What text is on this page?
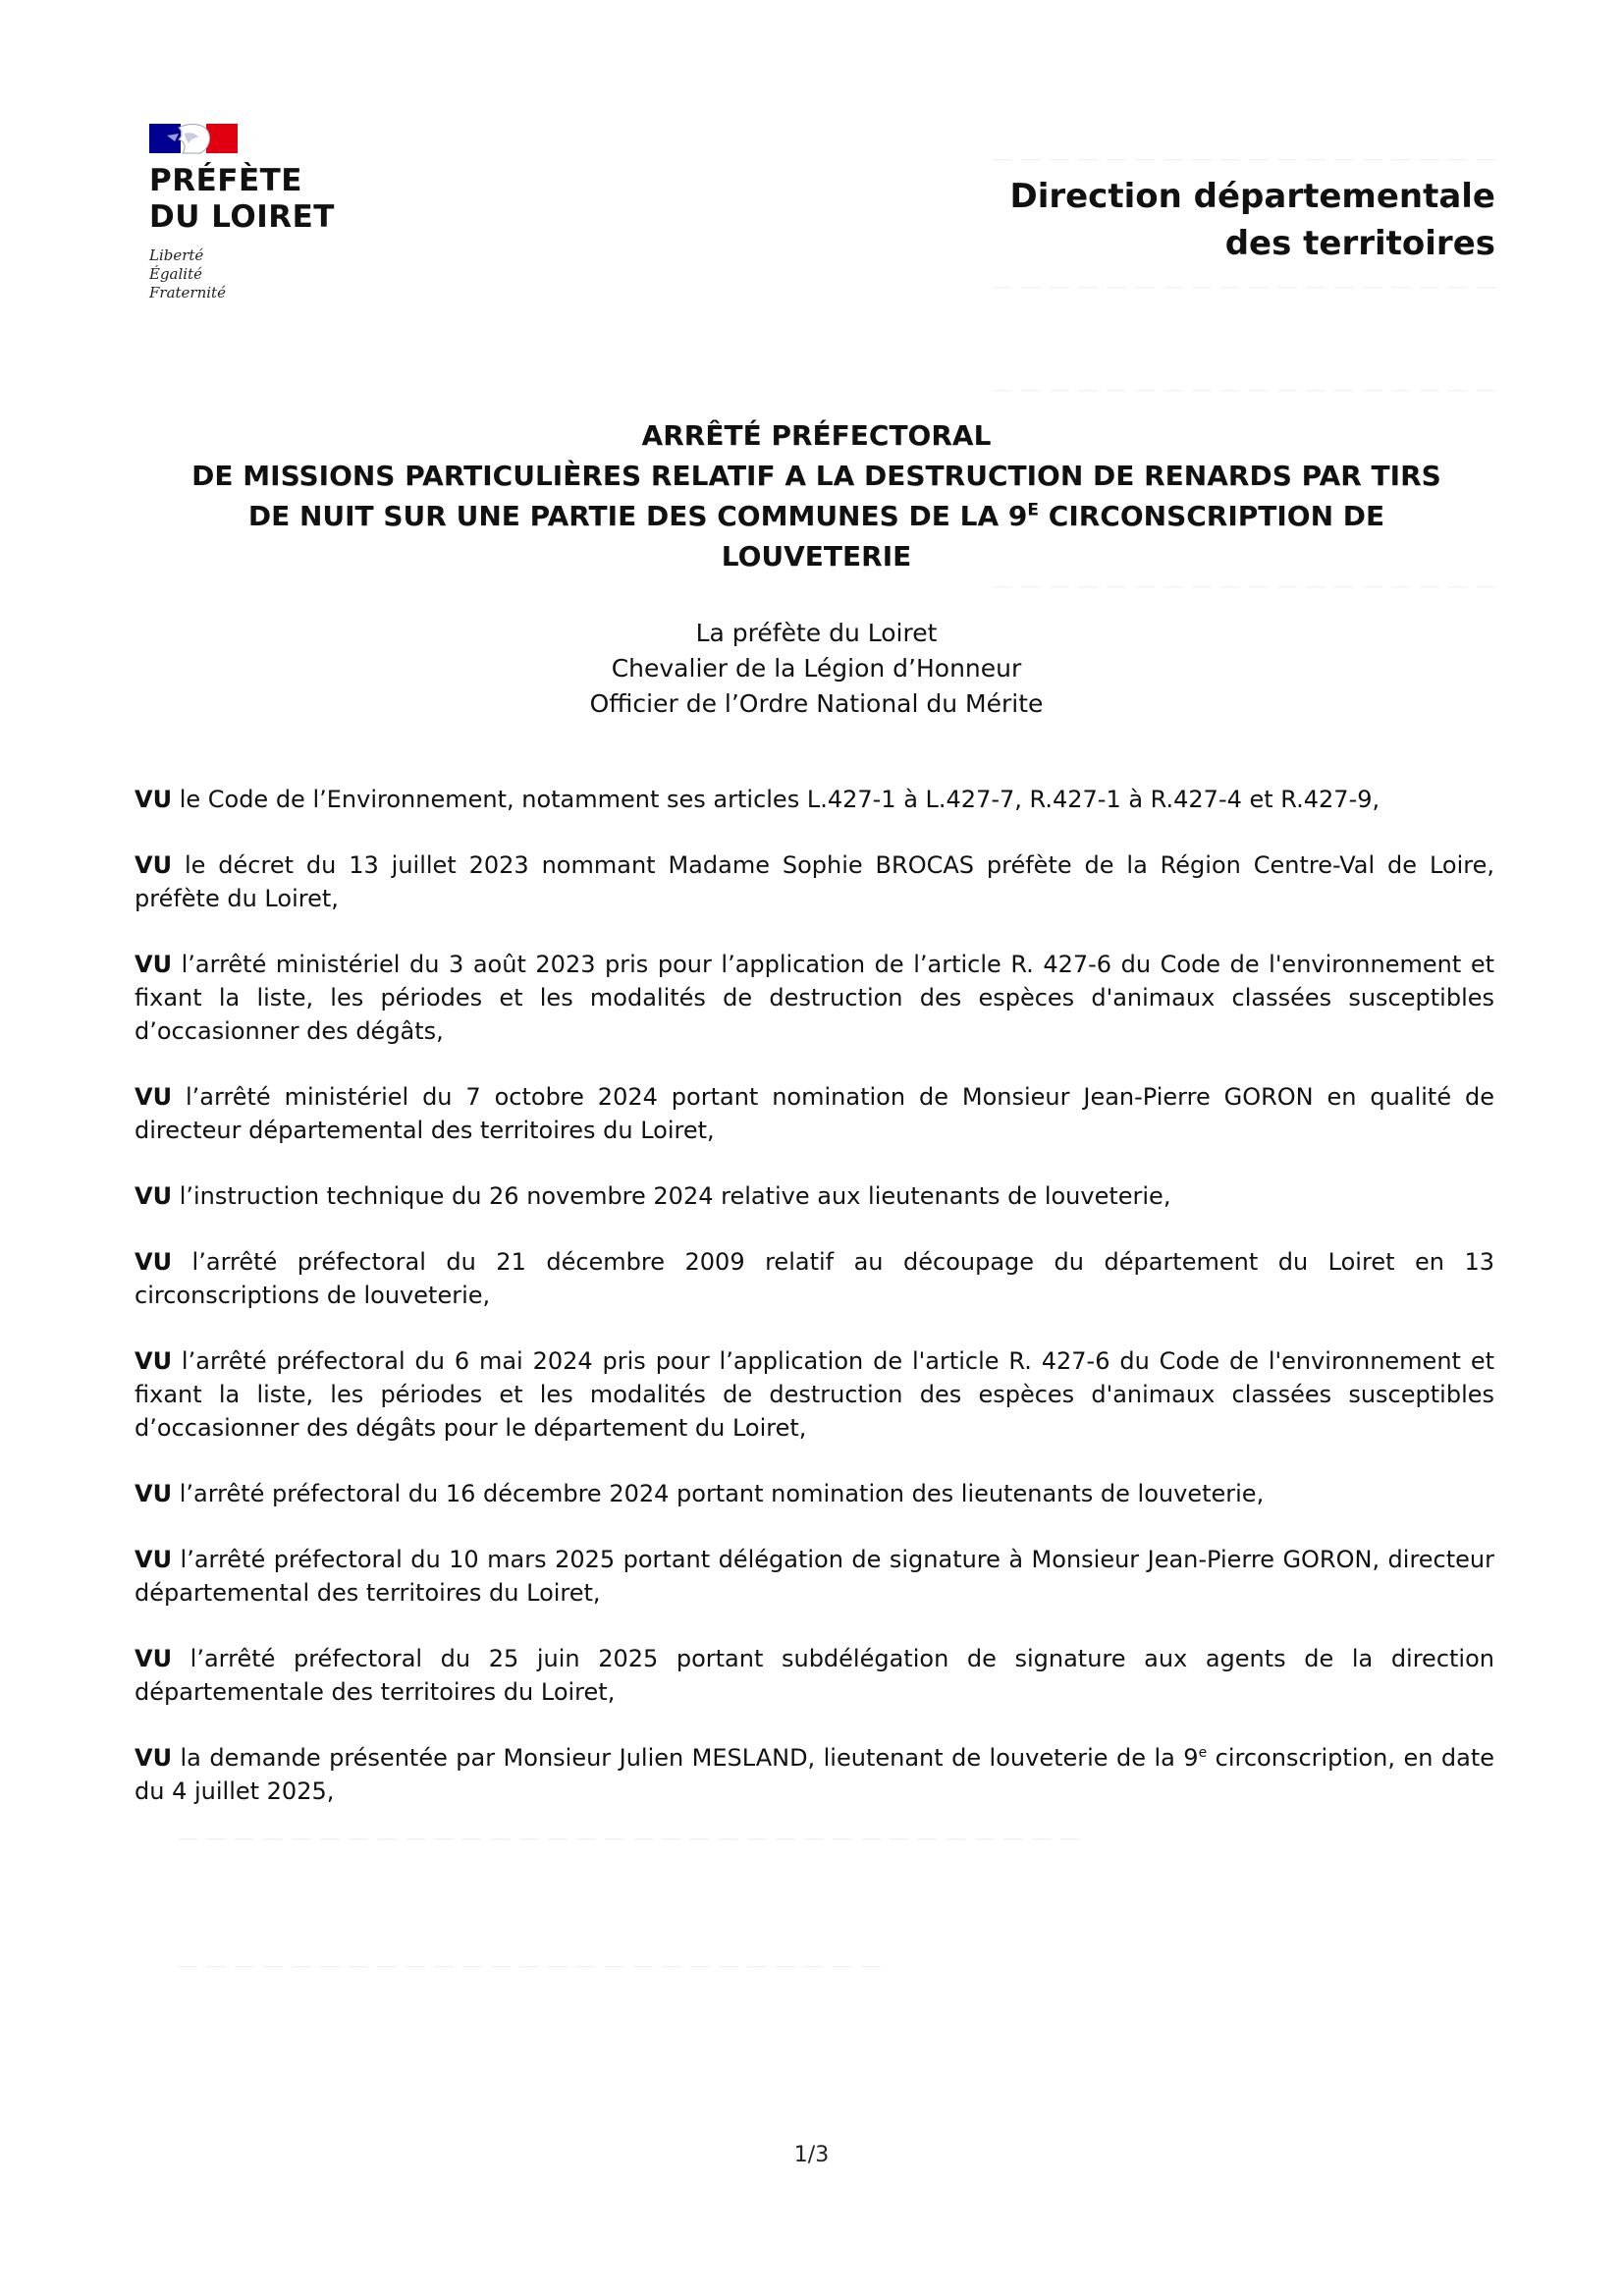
PRÉFÈTE
DU LOIRET
Liberté
Égalité
Fraternité
Direction départementale
des territoires
ARRÊTÉ PRÉFECTORAL
DE MISSIONS PARTICULIÈRES RELATIF A LA DESTRUCTION DE RENARDS PAR TIRS
DE NUIT SUR UNE PARTIE DES COMMUNES DE LA $9^E$ CIRCONSCRIPTION DE
LOUVETERIE
La préfète du Loiret
Chevalier de la Légion d’Honneur
Officier de l’Ordre National du Mérite

VU le Code de l’Environnement, notamment ses articles L.427-1 à L.427-7, R.427-1 à R.427-4 et R.427-9,

VU le décret du 13 juillet 2023 nommant Madame Sophie BROCAS préfète de la Région Centre-Val de Loire, préfète du Loiret,

VU l’arrêté ministériel du 3 août 2023 pris pour l’application de l’article R. 427-6 du Code de l'environnement et fixant la liste, les périodes et les modalités de destruction des espèces d'animaux classées susceptibles d’occasionner des dégâts,

VU l’arrêté ministériel du 7 octobre 2024 portant nomination de Monsieur Jean-Pierre GORON en qualité de directeur départemental des territoires du Loiret,

VU l’instruction technique du 26 novembre 2024 relative aux lieutenants de louveterie,

VU l’arrêté préfectoral du 21 décembre 2009 relatif au découpage du département du Loiret en 13 circonscriptions de louveterie,

VU l’arrêté préfectoral du 6 mai 2024 pris pour l’application de l'article R. 427-6 du Code de l'environnement et fixant la liste, les périodes et les modalités de destruction des espèces d'animaux classées susceptibles d’occasionner des dégâts pour le département du Loiret,

VU l’arrêté préfectoral du 16 décembre 2024 portant nomination des lieutenants de louveterie,

VU l’arrêté préfectoral du 10 mars 2025 portant délégation de signature à Monsieur Jean-Pierre GORON, directeur départemental des territoires du Loiret,

VU l’arrêté préfectoral du 25 juin 2025 portant subdélégation de signature aux agents de la direction départementale des territoires du Loiret,

VU la demande présentée par Monsieur Julien MESLAND, lieutenant de louveterie de la 9e circonscription, en date du 4 juillet 2025,

1/3
